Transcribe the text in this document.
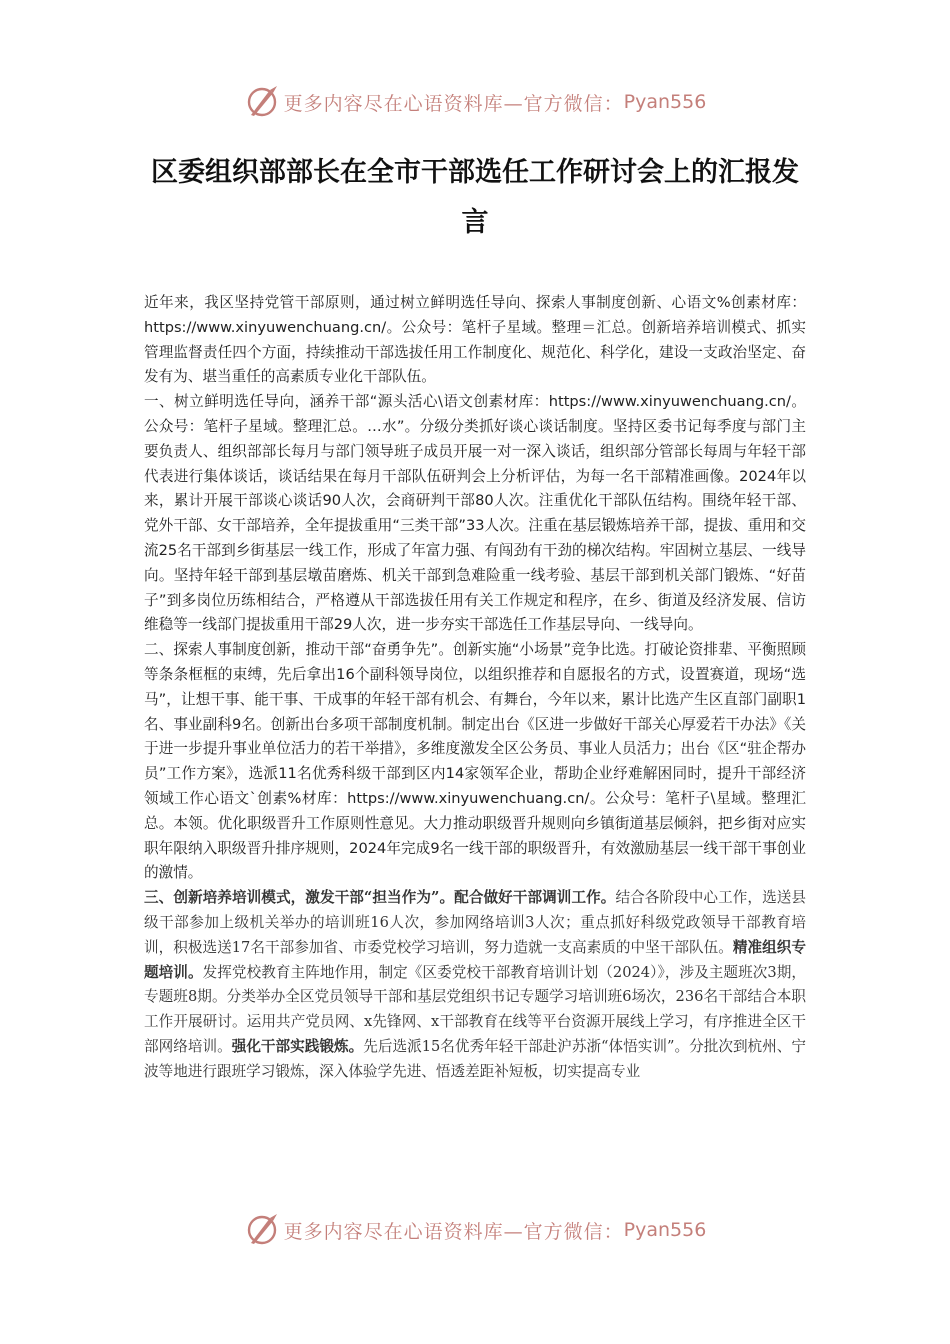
更多内容尽在心语资料库—官方微信： Pyan556
区委组织部部长在全市干部选任工作研讨会上的汇报发言

近年来，我区坚持党管干部原则，通过树立鲜明选任导向、探索人事制度创新、心语文%创素材库：https://www.xinyuwenchuang.cn/。公众号：笔杆子星域。整理＝汇总。创新培养培训模式、抓实管理监督责任四个方面，持续推动干部选拔任用工作制度化、规范化、科学化，建设一支政治坚定、奋发有为、堪当重任的高素质专业化干部队伍。

一、树立鲜明选任导向，涵养干部“源头活心\语文创素材库：https://www.xinyuwenchuang.cn/。公众号：笔杆子星域。整理汇总。…水”。分级分类抓好谈心谈话制度。坚持区委书记每季度与部门主要负责人、组织部部长每月与部门领导班子成员开展一对一深入谈话，组织部分管部长每周与年轻干部代表进行集体谈话，谈话结果在每月干部队伍研判会上分析评估，为每一名干部精准画像。2024年以来，累计开展干部谈心谈话90人次，会商研判干部80人次。注重优化干部队伍结构。围绕年轻干部、党外干部、女干部培养，全年提拔重用“三类干部”33人次。注重在基层锻炼培养干部，提拔、重用和交流25名干部到乡街基层一线工作，形成了年富力强、有闯劲有干劲的梯次结构。牢固树立基层、一线导向。坚持年轻干部到基层墩苗磨炼、机关干部到急难险重一线考验、基层干部到机关部门锻炼、“好苗子”到多岗位历练相结合，严格遵从干部选拔任用有关工作规定和程序，在乡、街道及经济发展、信访维稳等一线部门提拔重用干部29人次，进一步夯实干部选任工作基层导向、一线导向。

二、探索人事制度创新，推动干部“奋勇争先”。创新实施“小场景”竞争比选。打破论资排辈、平衡照顾等条条框框的束缚，先后拿出16个副科领导岗位，以组织推荐和自愿报名的方式，设置赛道，现场“选马”，让想干事、能干事、干成事的年轻干部有机会、有舞台，今年以来，累计比选产生区直部门副职1名、事业副科9名。创新出台多项干部制度机制。制定出台《区进一步做好干部关心厚爱若干办法》《关于进一步提升事业单位活力的若干举措》，多维度激发全区公务员、事业人员活力；出台《区“驻企帮办员”工作方案》，选派11名优秀科级干部到区内14家领军企业，帮助企业纾难解困同时，提升干部经济领域工作心语文`创素%材库：https://www.xinyuwenchuang.cn/。公众号：笔杆子\星域。整理汇总。本领。优化职级晋升工作原则性意见。大力推动职级晋升规则向乡镇街道基层倾斜，把乡街对应实职年限纳入职级晋升排序规则，2024年完成9名一线干部的职级晋升，有效激励基层一线干部干事创业的激情。

三、创新培养培训模式，激发干部“担当作为”。配合做好干部调训工作。结合各阶段中心工作，选送县级干部参加上级机关举办的培训班16人次，参加网络培训3人次；重点抓好科级党政领导干部教育培训，积极选送17名干部参加省、市委党校学习培训，努力造就一支高素质的中坚干部队伍。精准组织专题培训。发挥党校教育主阵地作用，制定《区委党校干部教育培训计划（2024）》，涉及主题班次3期，专题班8期。分类举办全区党员领导干部和基层党组织书记专题学习培训班6场次，236名干部结合本职工作开展研讨。运用共产党员网、x先锋网、x干部教育在线等平台资源开展线上学习，有序推进全区干部网络培训。强化干部实践锻炼。先后选派15名优秀年轻干部赴沪苏浙“体悟实训”。分批次到杭州、宁波等地进行跟班学习锻炼，深入体验学先进、悟透差距补短板，切实提高专业

更多内容尽在心语资料库—官方微信： Pyan556
